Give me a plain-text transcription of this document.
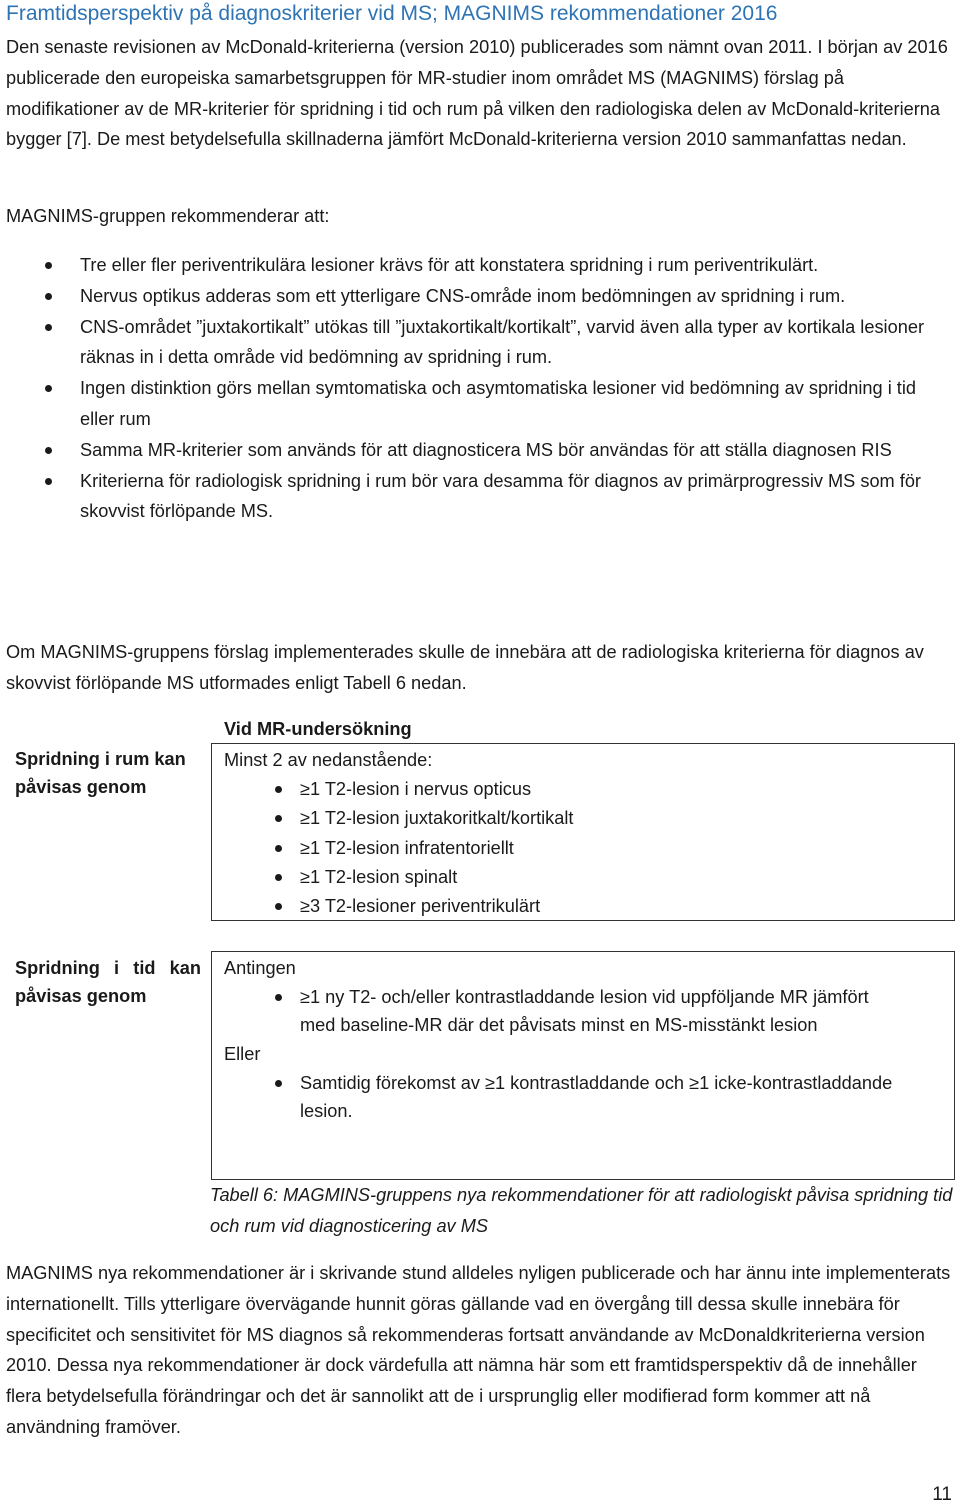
Framtidsperspektiv på diagnoskriterier vid MS; MAGNIMS rekommendationer 2016

Den senaste revisionen av McDonald-kriterierna (version 2010) publicerades som nämnt ovan 2011. I början av 2016 publicerade den europeiska samarbetsgruppen för MR-studier inom området MS (MAGNIMS) förslag på modifikationer av de MR-kriterier för spridning i tid och rum på vilken den radiologiska delen av McDonald-kriterierna bygger [7]. De mest betydelsefulla skillnaderna jämfört McDonald-kriterierna version 2010 sammanfattas nedan.

MAGNIMS-gruppen rekommenderar att:

Tre eller fler periventrikulära lesioner krävs för att konstatera spridning i rum periventrikulärt.
Nervus optikus adderas som ett ytterligare CNS-område inom bedömningen av spridning i rum.
CNS-området ”juxtakortikalt” utökas till ”juxtakortikalt/kortikalt”, varvid även alla typer av kortikala lesioner räknas in i detta område vid bedömning av spridning i rum.
Ingen distinktion görs mellan symtomatiska och asymtomatiska lesioner vid bedömning av spridning i tid eller rum
Samma MR-kriterier som används för att diagnosticera MS bör användas för att ställa diagnosen RIS
Kriterierna för radiologisk spridning i rum bör vara desamma för diagnos av primärprogressiv MS som för skovvist förlöpande MS.

Om MAGNIMS-gruppens förslag implementerades skulle de innebära att de radiologiska kriterierna för diagnos av skovvist förlöpande MS utformades enligt Tabell 6 nedan.

Vid MR-undersökning
Spridning i rum kan påvisas genom
Minst 2 av nedanstående:
≥1 T2-lesion i nervus opticus
≥1 T2-lesion juxtakoritkalt/kortikalt
≥1 T2-lesion infratentoriellt
≥1 T2-lesion spinalt
≥3 T2-lesioner periventrikulärt
Spridning i tid kan påvisas genom
Antingen
≥1 ny T2- och/eller kontrastladdande lesion vid uppföljande MR jämfört med baseline-MR där det påvisats minst en MS-misstänkt lesion
Eller
Samtidig förekomst av ≥1 kontrastladdande och ≥1 icke-kontrastladdande lesion.
Tabell 6: MAGMINS-gruppens nya rekommendationer för att radiologiskt påvisa spridning tid och rum vid diagnosticering av MS

MAGNIMS nya rekommendationer är i skrivande stund alldeles nyligen publicerade och har ännu inte implementerats internationellt. Tills ytterligare övervägande hunnit göras gällande vad en övergång till dessa skulle innebära för specificitet och sensitivitet för MS diagnos så rekommenderas fortsatt användande av McDonaldkriterierna version 2010. Dessa nya rekommendationer är dock värdefulla att nämna här som ett framtidsperspektiv då de innehåller flera betydelsefulla förändringar och det är sannolikt att de i ursprunglig eller modifierad form kommer att nå användning framöver.

11
